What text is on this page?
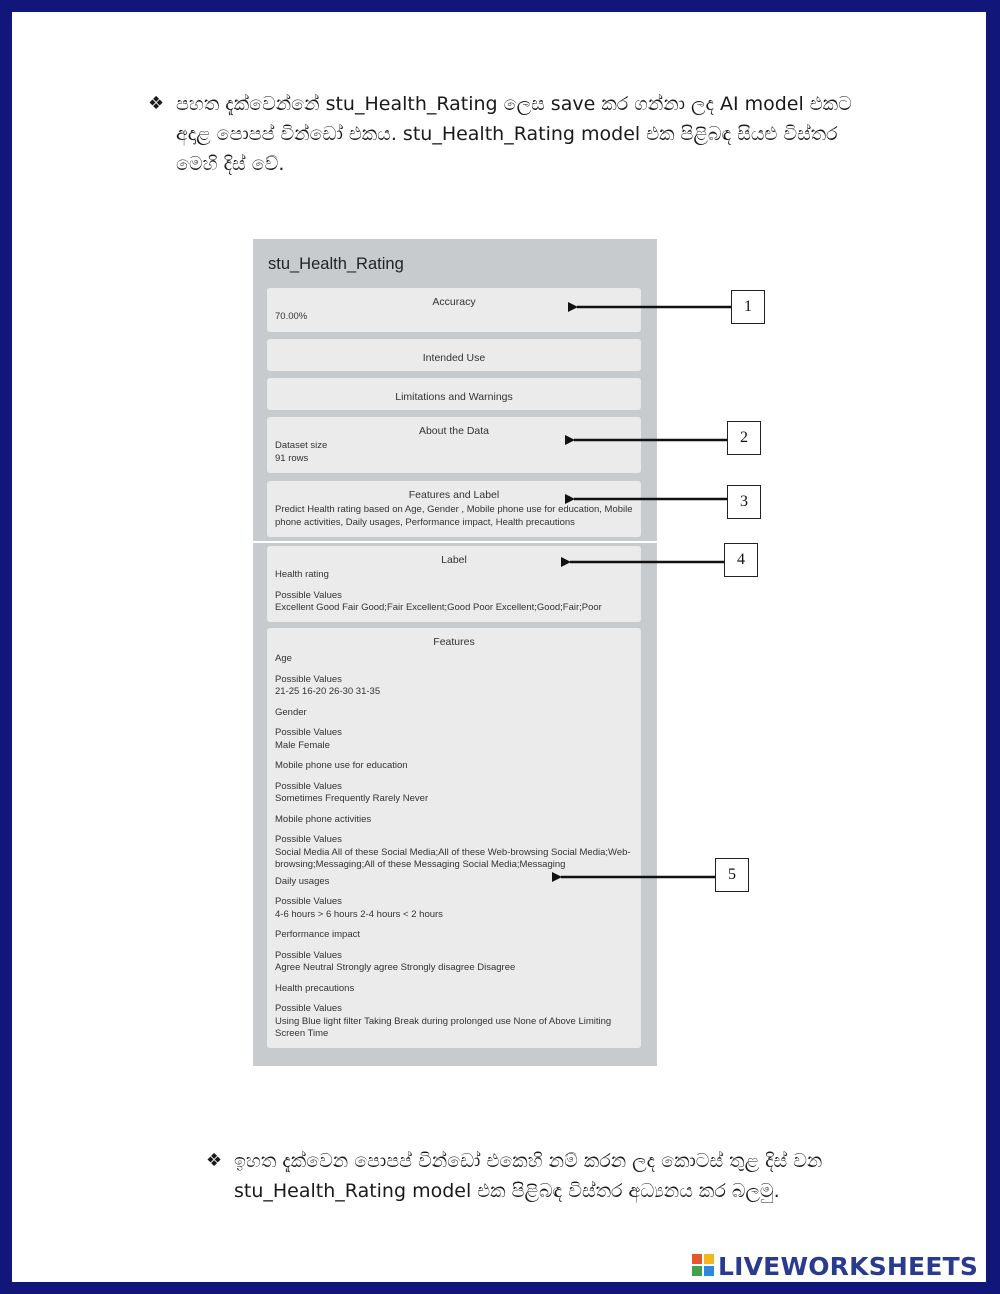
❖ පහත දැක්වෙන්නේ stu_Health_Rating ලෙස save කර ගන්නා ලද AI model එකට අදාළ පොපප් වින්ඩෝ එකය. stu_Health_Rating model එක පිළිබඳ සියළු විස්තර මෙහි දිස් වේ.
stu_Health_Rating
Accuracy
70.00%
Intended Use
Limitations and Warnings
About the Data
Dataset size
91 rows
Features and Label
Predict Health rating based on Age, Gender , Mobile phone use for education, Mobile phone activities, Daily usages, Performance impact, Health precautions
Label
Health rating
Possible Values
Excellent Good Fair Good;Fair Excellent;Good Poor Excellent;Good;Fair;Poor
Features
Age
Possible Values
21-25 16-20 26-30 31-35
Gender
Possible Values
Male Female
Mobile phone use for education
Possible Values
Sometimes Frequently Rarely Never
Mobile phone activities
Possible Values
Social Media All of these Social Media;All of these Web-browsing Social Media;Web-browsing;Messaging;All of these Messaging Social Media;Messaging
Daily usages
Possible Values
4-6 hours > 6 hours 2-4 hours < 2 hours
Performance impact
Possible Values
Agree Neutral Strongly agree Strongly disagree Disagree
Health precautions
Possible Values
Using Blue light filter Taking Break during prolonged use None of Above Limiting Screen Time
1
2
3
4
5
❖ ඉහත දැක්වෙන පොපප් වින්ඩෝ එකෙහි නම් කරන ලද කොටස් තුළ දිස් වන stu_Health_Rating model එක පිළිබඳ විස්තර අධ්‍යනය කර බලමු.
LIVEWORKSHEETS
